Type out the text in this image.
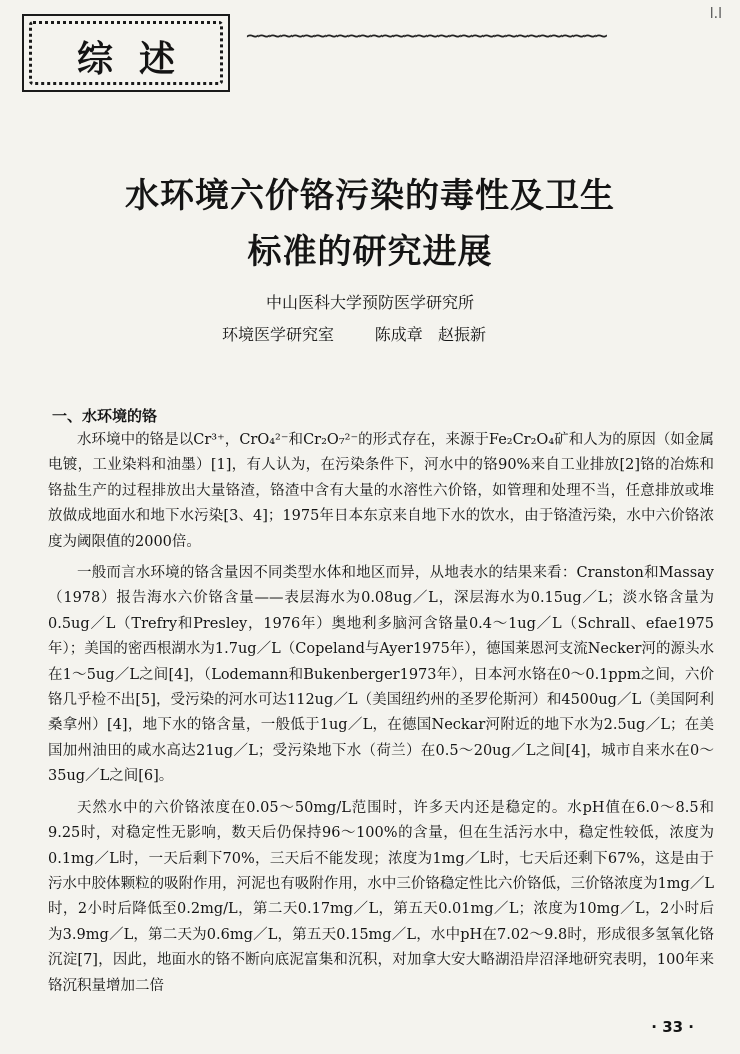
l.l
综述
~~~~~~~~~~~~~~~~~~~~~~~~~~~~~~~~
水环境六价铬污染的毒性及卫生
标准的研究进展
中山医科大学预防医学研究所
环境医学研究室        陈成章   赵振新
一、水环境的铬

水环境中的铬是以Cr³⁺，CrO₄²⁻和Cr₂O₇²⁻的形式存在，来源于Fe₂Cr₂O₄矿和人为的原因（如金属电镀，工业染料和油墨）[1]，有人认为，在污染条件下，河水中的铬90%来自工业排放[2]铬的冶炼和铬盐生产的过程排放出大量铬渣，铬渣中含有大量的水溶性六价铬，如管理和处理不当，任意排放或堆放做成地面水和地下水污染[3、4]；1975年日本东京来自地下水的饮水，由于铬渣污染，水中六价铬浓度为阈限值的2000倍。

一般而言水环境的铬含量因不同类型水体和地区而异，从地表水的结果来看：Cranston和Massay（1978）报告海水六价铬含量——表层海水为0.08ug／L，深层海水为0.15ug／L；淡水铬含量为0.5ug／L（Trefry和Presley，1976年）奥地利多脑河含铬量0.4～1ug／L（Schrall、efae1975年）；美国的密西根湖水为1.7ug／L（Copeland与Ayer1975年），德国莱恩河支流Necker河的源头水在1～5ug／L之间[4]，（Lodemann和Bukenberger1973年），日本河水铬在0～0.1ppm之间，六价铬几乎检不出[5]，受污染的河水可达112ug／L（美国纽约州的圣罗伦斯河）和4500ug／L（美国阿利桑拿州）[4]，地下水的铬含量，一般低于1ug／L，在德国Neckar河附近的地下水为2.5ug／L；在美国加州油田的咸水高达21ug／L；受污染地下水（荷兰）在0.5～20ug／L之间[4]，城市自来水在0～35ug／L之间[6]。

天然水中的六价铬浓度在0.05～50mg/L范围时，许多天内还是稳定的。水pH值在6.0～8.5和9.25时，对稳定性无影响，数天后仍保持96～100%的含量，但在生活污水中，稳定性较低，浓度为0.1mg／L时，一天后剩下70%，三天后不能发现；浓度为1mg／L时，七天后还剩下67%，这是由于污水中胶体颗粒的吸附作用，河泥也有吸附作用，水中三价铬稳定性比六价铬低，三价铬浓度为1mg／L时，2小时后降低至0.2mg/L，第二天0.17mg／L，第五天0.01mg／L；浓度为10mg／L，2小时后为3.9mg／L，第二天为0.6mg／L，第五天0.15mg／L，水中pH在7.02～9.8时，形成很多氢氧化铬沉淀[7]，因此，地面水的铬不断向底泥富集和沉积，对加拿大安大略湖沿岸沼泽地研究表明，100年来铬沉积量增加二倍

· 33 ·
